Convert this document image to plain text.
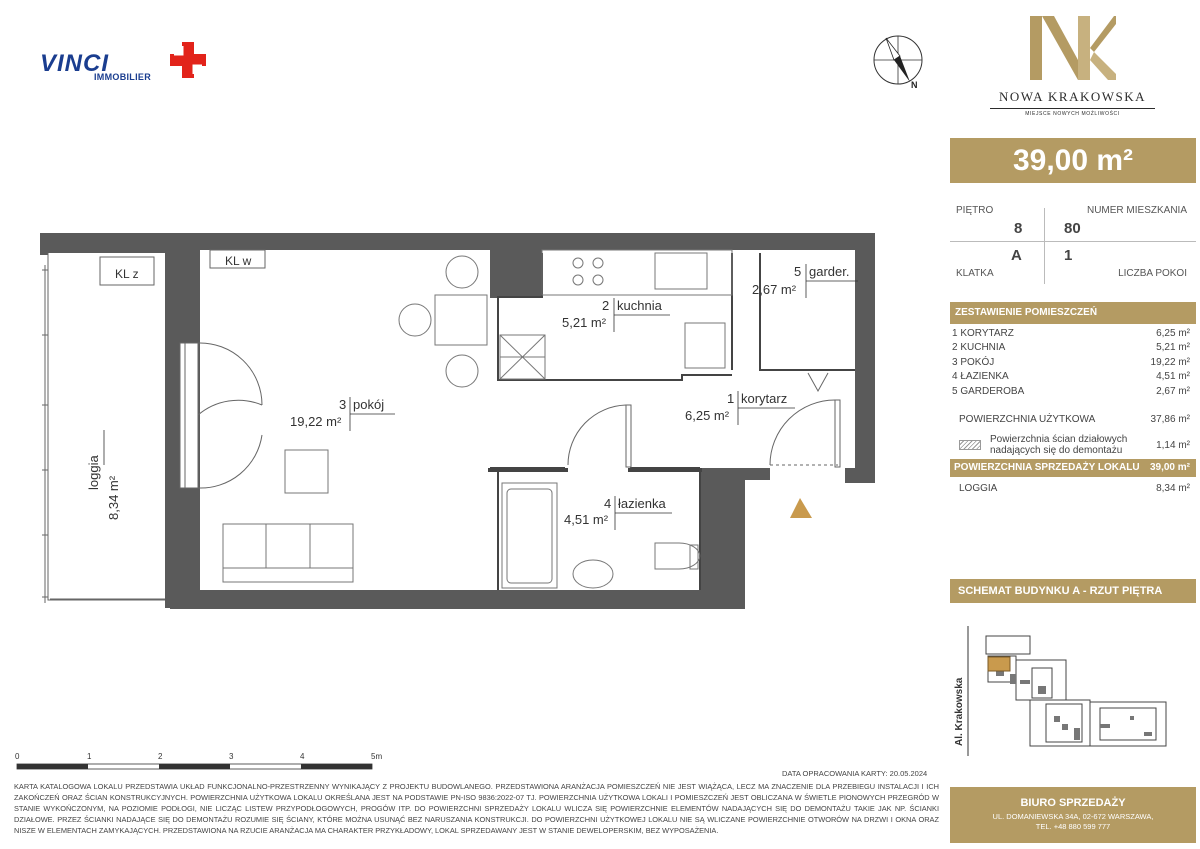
VINCI
IMMOBILIER
N
NOWA KRAKOWSKA
MIEJSCE NOWYCH MOŻLIWOŚCI
39,00 m²
PIĘTRO	NUMER MIESZKANIA
8	80
A	1
KLATKA	LICZBA POKOI
ZESTAWIENIE POMIESZCZEŃ
1 KORYTARZ	6,25 m²
2 KUCHNIA	5,21 m²
3 POKÓJ	19,22 m²
4 ŁAZIENKA	4,51 m²
5 GARDEROBA	2,67 m²
POWIERZCHNIA UŻYTKOWA	37,86 m²
Powierzchnia ścian działowych nadających się do demontażu	1,14 m²
POWIERZCHNIA SPRZEDAŻY LOKALU 39,00 m²
LOGGIA	8,34 m²
SCHEMAT BUDYNKU A - RZUT PIĘTRA
Al. Krakowska
KL z
KL w
loggia
8,34 m²
3 pokój
19,22 m²
2 kuchnia
5,21 m²
5 garder.
2,67 m²
1 korytarz
6,25 m²
4 łazienka
4,51 m²
0	1	2	3	4	5m
DATA OPRACOWANIA KARTY: 20.05.2024
KARTA KATALOGOWA LOKALU PRZEDSTAWIA UKŁAD FUNKCJONALNO-PRZESTRZENNY WYNIKAJĄCY Z PROJEKTU BUDOWLANEGO. PRZEDSTAWIONA ARANŻACJA POMIESZCZEŃ NIE JEST WIĄŻĄCA, LECZ MA ZNACZENIE DLA PRZEBIEGU INSTALACJI I ICH ZAKOŃCZEŃ ORAZ ŚCIAN KONSTRUKCYJNYCH. POWIERZCHNIA UŻYTKOWA LOKALU OKREŚLANA JEST NA PODSTAWIE PN-ISO 9836:2022-07 TJ. POWIERZCHNIA UŻYTKOWA LOKALI I POMIESZCZEŃ JEST OBLICZANA W ŚWIETLE PIONOWYCH PRZEGRÓD W STANIE WYKOŃCZONYM, NA POZIOMIE PODŁOGI, NIE LICZĄC LISTEW PRZYPODŁOGOWYCH, PROGÓW ITP. DO POWIERZCHNI SPRZEDAŻY LOKALU WLICZA SIĘ POWIERZCHNIE ELEMENTÓW NADAJĄCYCH SIĘ DO DEMONTAŻU TAKIE JAK NP. ŚCIANKI DZIAŁOWE. PRZEZ ŚCIANKI NADAJĄCE SIĘ DO DEMONTAŻU ROZUMIE SIĘ ŚCIANY, KTÓRE MOŻNA USUNĄĆ BEZ NARUSZANIA KONSTRUKCJI. DO POWIERZCHNI UŻYTKOWEJ LOKALU NIE SĄ WLICZANE POWIERZCHNIE OTWORÓW NA DRZWI I OKNA ORAZ NISZE W ELEMENTACH ZAMYKAJĄCYCH. PRZEDSTAWIONA NA RZUCIE ARANŻACJA MA CHARAKTER PRZYKŁADOWY, LOKAL SPRZEDAWANY JEST W STANIE DEWELOPERSKIM, BEZ WYPOSAŻENIA.
BIURO SPRZEDAŻY
UL. DOMANIEWSKA 34A, 02-672 WARSZAWA,
TEL. +48 880 599 777
